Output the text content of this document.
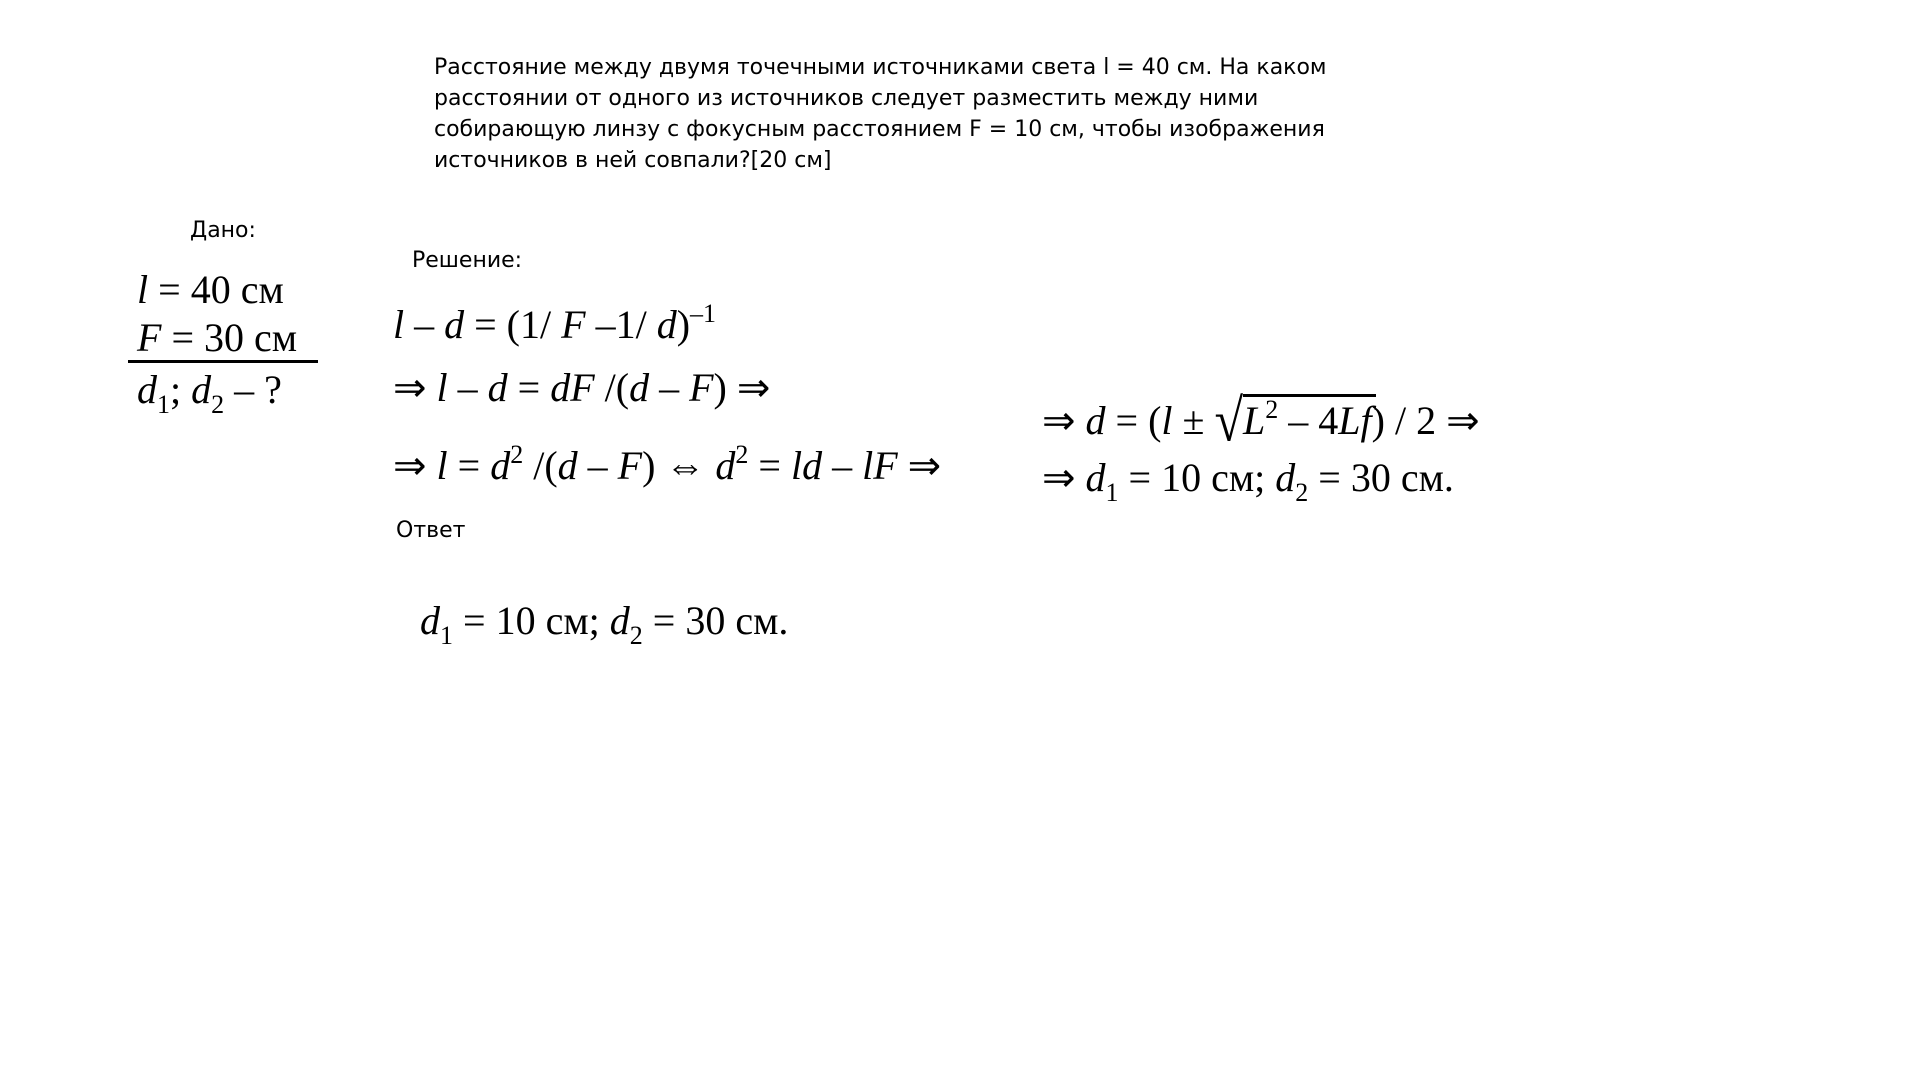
Расстояние между двумя точечными источниками света l = 40 см. На каком
расстоянии от одного из источников следует разместить между ними
собирающую линзу с фокусным расстоянием F = 10 см, чтобы изображения
источников в ней совпали?[20 см]
Дано:
l = 40 см
F = 30 см
$d_1$; $d_2$ – ?
Решение:
l – d = (1/ F –1/ d)$^{-1}$
⇒ l – d = dF /(d – F) ⇒
⇒ $l = d^2$ /(d – F) ⇔ $d^2$ = ld – lF ⇒
⇒ d = (l ± √
$L^2 - 4Lf) / 2$ ⇒
⇒ $d_1 = 10$ см; $d_2 = 30$ см.
Ответ
$d_1 = 10$ см; $d_2 = 30$ см.
